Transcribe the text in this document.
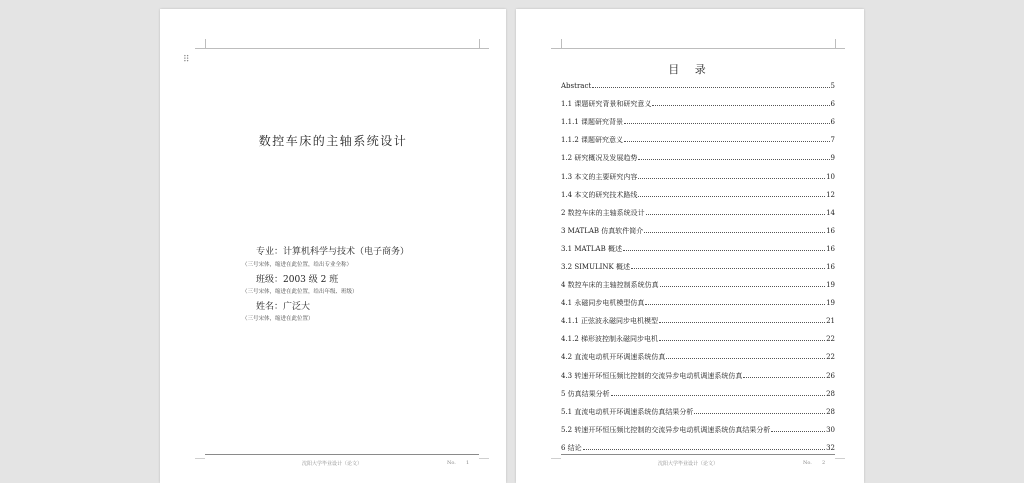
⠿
数控车床的主轴系统设计
专业：计算机科学与技术（电子商务）
（三号宋体，缩进在此位置，给出专业全称）
班级：2003 级 2 班
（三号宋体，缩进在此位置，给出年级、班级）
姓名：广泛大
（三号宋体，缩进在此位置）
沈阳大学毕业设计（论文）	No. 1
目 录
Abstract	5
1.1 课题研究背景和研究意义	6
1.1.1 课题研究背景	6
1.1.2 课题研究意义	7
1.2 研究概况及发展趋势	9
1.3 本文的主要研究内容	10
1.4 本文的研究技术路线	12
2 数控车床的主轴系统设计	14
3 MATLAB 仿真软件简介	16
3.1 MATLAB 概述	16
3.2 SIMULINK 概述	16
4 数控车床的主轴控制系统仿真	19
4.1 永磁同步电机模型仿真	19
4.1.1 正弦波永磁同步电机模型	21
4.1.2 梯形波控制永磁同步电机	22
4.2 直流电动机开环调速系统仿真	22
4.3 转速开环恒压频比控制的交流异步电动机调速系统仿真	26
5 仿真结果分析	28
5.1 直流电动机开环调速系统仿真结果分析	28
5.2 转速开环恒压频比控制的交流异步电动机调速系统仿真结果分析	30
6 结论	32
沈阳大学毕业设计（论文）	No. 2
